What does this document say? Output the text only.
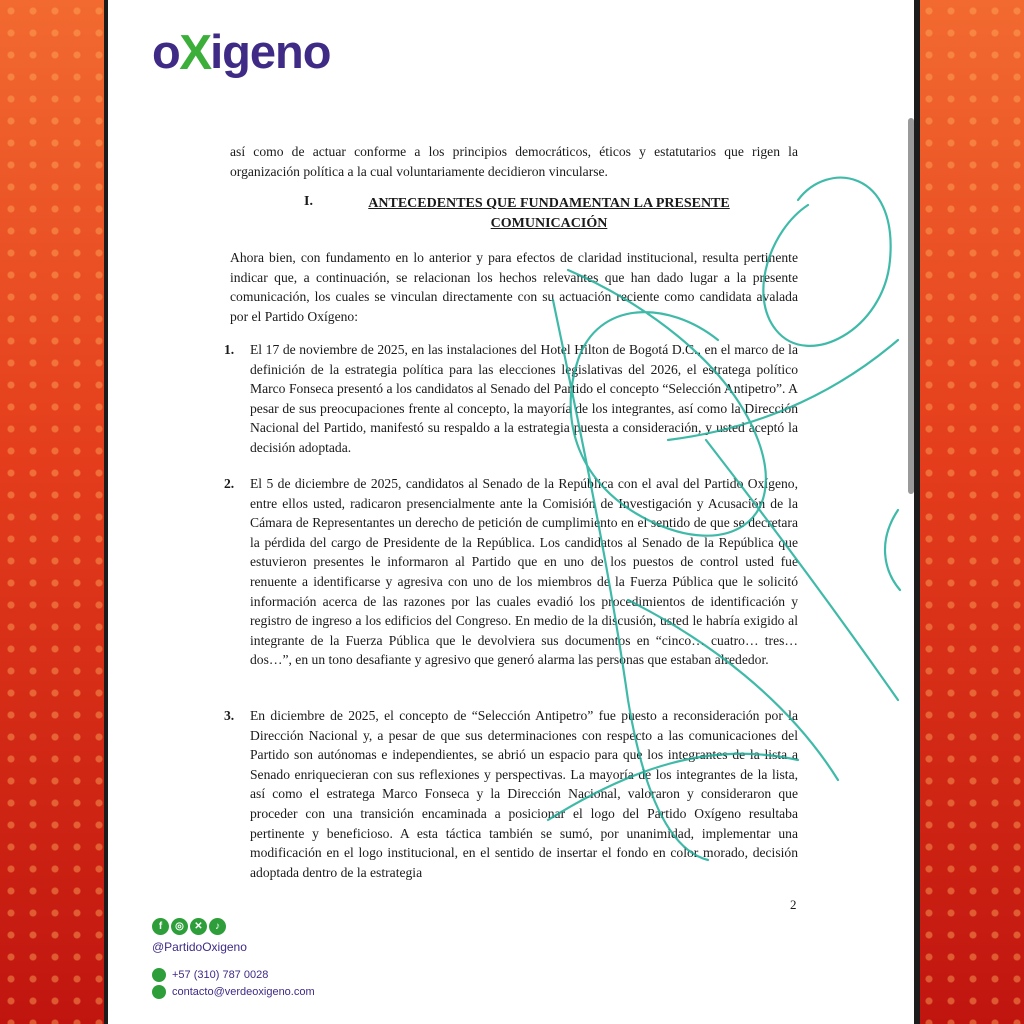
oXigeno
así como de actuar conforme a los principios democráticos, éticos y estatutarios que rigen la organización política a la cual voluntariamente decidieron vincularse.
I.	ANTECEDENTES QUE FUNDAMENTAN LA PRESENTE COMUNICACIÓN
Ahora bien, con fundamento en lo anterior y para efectos de claridad institucional, resulta pertinente indicar que, a continuación, se relacionan los hechos relevantes que han dado lugar a la presente comunicación, los cuales se vinculan directamente con su actuación reciente como candidata avalada por el Partido Oxígeno:
1. El 17 de noviembre de 2025, en las instalaciones del Hotel Hilton de Bogotá D.C., en el marco de la definición de la estrategia política para las elecciones legislativas del 2026, el estratega político Marco Fonseca presentó a los candidatos al Senado del Partido el concepto “Selección Antipetro”. A pesar de sus preocupaciones frente al concepto, la mayoría de los integrantes, así como la Dirección Nacional del Partido, manifestó su respaldo a la estrategia puesta a consideración, y usted aceptó la decisión adoptada.
2. El 5 de diciembre de 2025, candidatos al Senado de la República con el aval del Partido Oxígeno, entre ellos usted, radicaron presencialmente ante la Comisión de Investigación y Acusación de la Cámara de Representantes un derecho de petición de cumplimiento en el sentido de que se decretara la pérdida del cargo de Presidente de la República. Los candidatos al Senado de la República que estuvieron presentes le informaron al Partido que en uno de los puestos de control usted fue renuente a identificarse y agresiva con uno de los miembros de la Fuerza Pública que le solicitó información acerca de las razones por las cuales evadió los procedimientos de identificación y registro de ingreso a los edificios del Congreso. En medio de la discusión, usted le habría exigido al integrante de la Fuerza Pública que le devolviera sus documentos en “cinco… cuatro… tres… dos…”, en un tono desafiante y agresivo que generó alarma las personas que estaban alrededor.
3. En diciembre de 2025, el concepto de “Selección Antipetro” fue puesto a reconsideración por la Dirección Nacional y, a pesar de que sus determinaciones con respecto a las comunicaciones del Partido son autónomas e independientes, se abrió un espacio para que los integrantes de la lista a Senado enriquecieran con sus reflexiones y perspectivas. La mayoría de los integrantes de la lista, así como el estratega Marco Fonseca y la Dirección Nacional, valoraron y consideraron que proceder con una transición encaminada a posicionar el logo del Partido Oxígeno resultaba pertinente y beneficioso. A esta táctica también se sumó, por unanimidad, implementar una modificación en el logo institucional, en el sentido de insertar el fondo en color morado, decisión adoptada dentro de la estrategia
2
f	◎	✕	♪
@PartidoOxigeno
+57 (310) 787 0028
contacto@verdeoxigeno.com
